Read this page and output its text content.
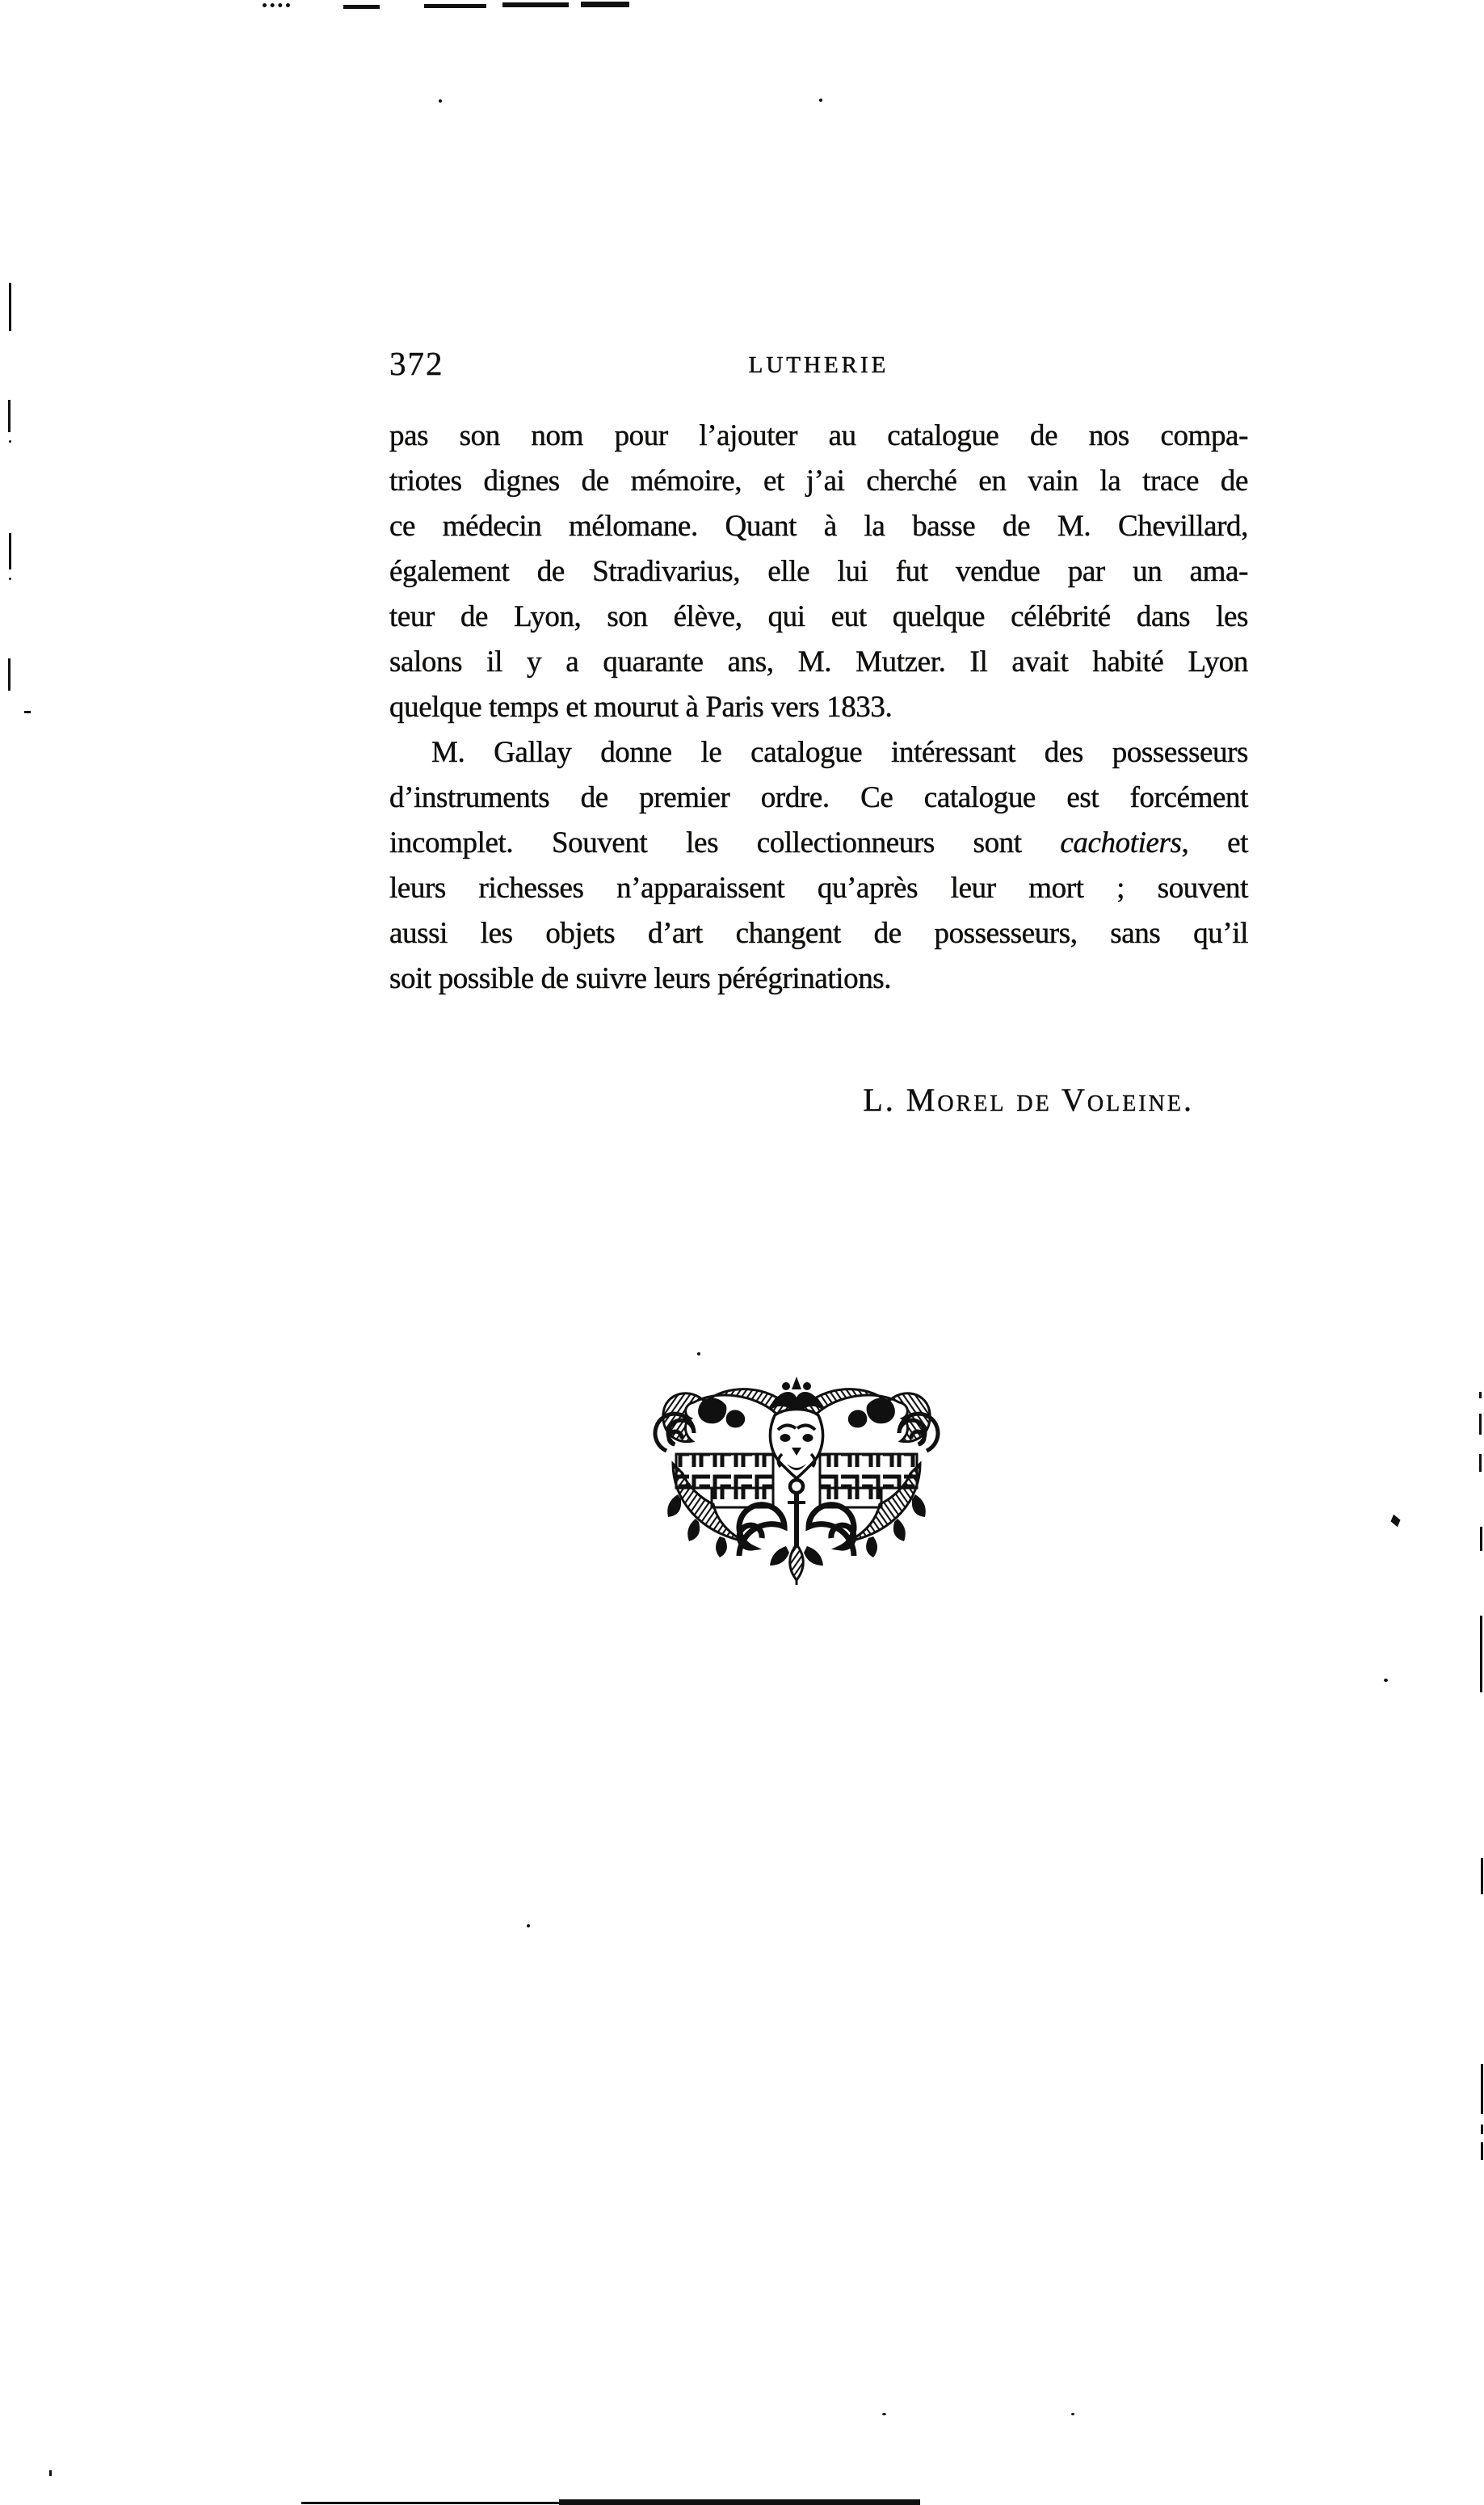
372	LUTHERIE
pas son nom pour l’ajouter au catalogue de nos compa-
triotes dignes de mémoire, et j’ai cherché en vain la trace de
ce médecin mélomane. Quant à la basse de M. Chevillard,
également de Stradivarius, elle lui fut vendue par un ama-
teur de Lyon, son élève, qui eut quelque célébrité dans les
salons il y a quarante ans, M. Mutzer. Il avait habité Lyon
quelque temps et mourut à Paris vers 1833.
M. Gallay donne le catalogue intéressant des possesseurs
d’instruments de premier ordre. Ce catalogue est forcément
incomplet. Souvent les collectionneurs sont cachotiers, et
leurs richesses n’apparaissent qu’après leur mort ; souvent
aussi les objets d’art changent de possesseurs, sans qu’il
soit possible de suivre leurs pérégrinations.
L. Morel de Voleine.
